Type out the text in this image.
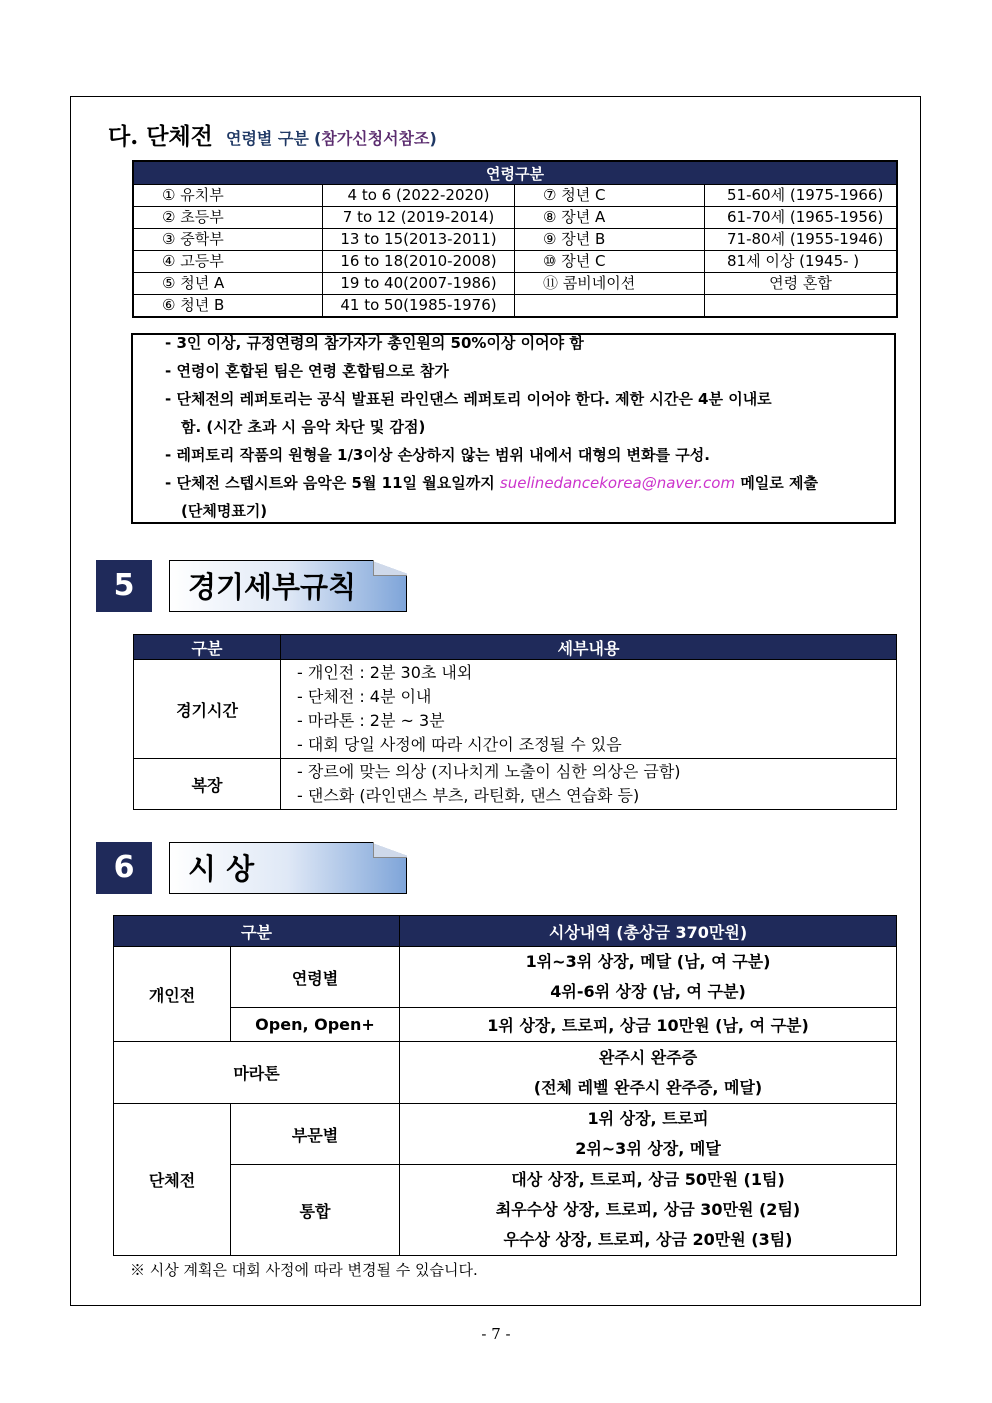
다. 단체전 연령별 구분 (참가신청서참조)
연령구분			
① 유치부	4 to 6 (2022-2020)	⑦ 청년 C	51-60세 (1975-1966)
② 초등부	7 to 12 (2019-2014)	⑧ 장년 A	61-70세 (1965-1956)
③ 중학부	13 to 15(2013-2011)	⑨ 장년 B	71-80세 (1955-1946)
④ 고등부	16 to 18(2010-2008)	⑩ 장년 C	81세 이상 (1945- )
⑤ 청년 A	19 to 40(2007-1986)	⑪ 콤비네이션	연령 혼합
⑥ 청년 B	41 to 50(1985-1976)		
- 3인 이상, 규정연령의 참가자가 총인원의 50%이상 이어야 함
- 연령이 혼합된 팀은 연령 혼합팀으로 참가
- 단체전의 레퍼토리는 공식 발표된 라인댄스 레퍼토리 이어야 한다. 제한 시간은 4분 이내로
함. (시간 초과 시 음악 차단 및 감점)
- 레퍼토리 작품의 원형을 1/3이상 손상하지 않는 범위 내에서 대형의 변화를 구성.
- 단체전 스텝시트와 음악은 5월 11일 월요일까지 suelinedancekorea@naver.com 메일로 제출
(단체명표기)
5	경기세부규칙
구분	세부내용
경기시간	- 개인전 : 2분 30초 내외
- 단체전 : 4분 이내
- 마라톤 : 2분 ~ 3분
- 대회 당일 사정에 따라 시간이 조정될 수 있음

복장	- 장르에 맞는 의상 (지나치게 노출이 심한 의상은 금함)
- 댄스화 (라인댄스 부츠, 라틴화, 댄스 연습화 등)
6	시 상
구분		시상내역 (총상금 370만원)
개인전	연령별	1위~3위 상장, 메달 (남, 여 구분)
4위-6위 상장 (남, 여 구분)

	Open, Open+	1위 상장, 트로피, 상금 10만원 (남, 여 구분)
마라톤		완주시 완주증
(전체 레벨 완주시 완주증, 메달)

단체전	부문별	1위 상장, 트로피
2위~3위 상장, 메달

	통합	대상 상장, 트로피, 상금 50만원 (1팀)
최우수상 상장, 트로피, 상금 30만원 (2팀)
우수상 상장, 트로피, 상금 20만원 (3팀)
※ 시상 계획은 대회 사정에 따라 변경될 수 있습니다.
- 7 -
